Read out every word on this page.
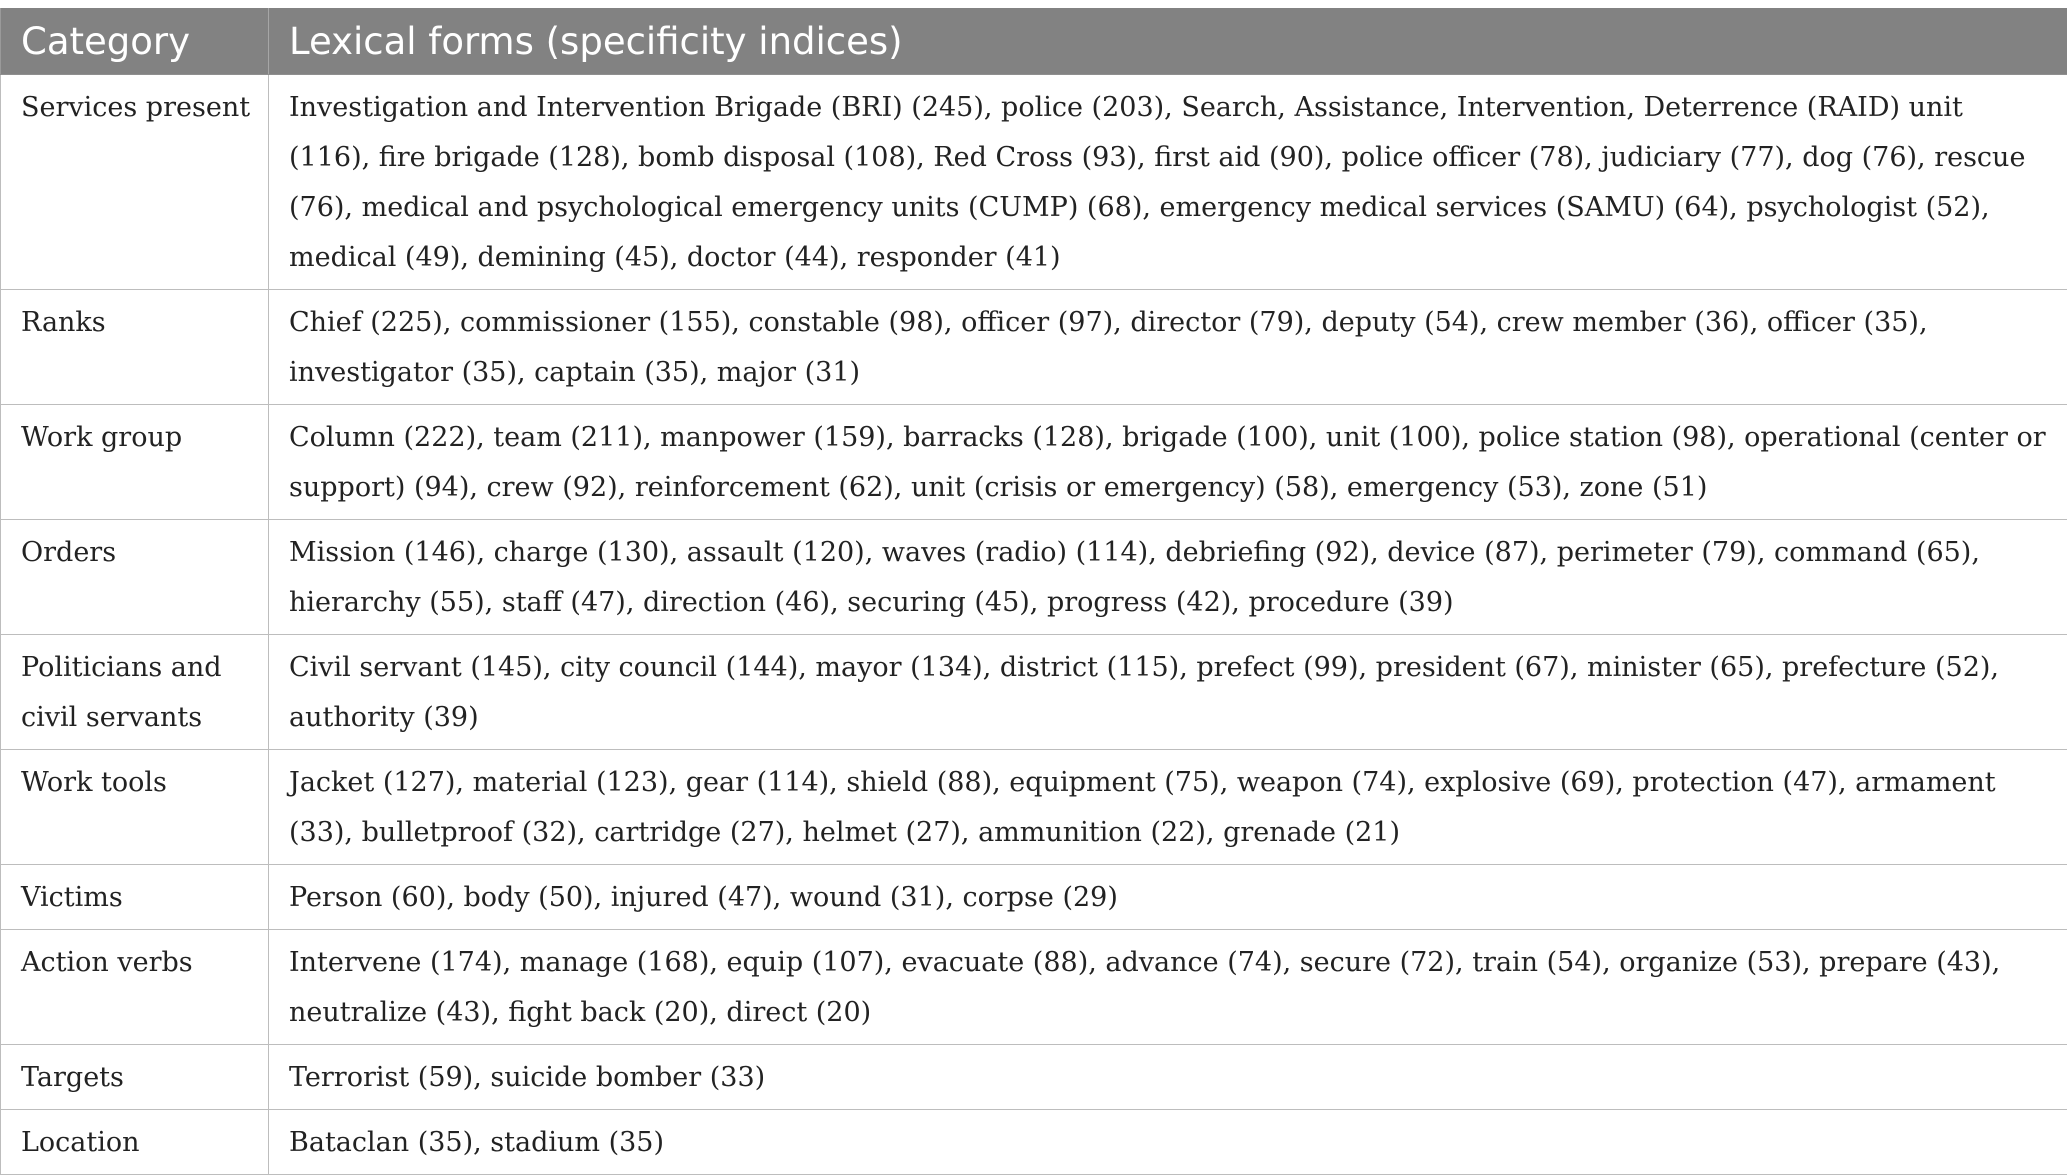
Category	Lexical forms (specificity indices)
Services present	Investigation and Intervention Brigade (BRI) (245), police (203), Search, Assistance, Intervention, Deterrence (RAID) unit (116), fire brigade (128), bomb disposal (108), Red Cross (93), first aid (90), police officer (78), judiciary (77), dog (76), rescue (76), medical and psychological emergency units (CUMP) (68), emergency medical services (SAMU) (64), psychologist (52), medical (49), demining (45), doctor (44), responder (41)
Ranks	Chief (225), commissioner (155), constable (98), officer (97), director (79), deputy (54), crew member (36), officer (35), investigator (35), captain (35), major (31)
Work group	Column (222), team (211), manpower (159), barracks (128), brigade (100), unit (100), police station (98), operational (center or support) (94), crew (92), reinforcement (62), unit (crisis or emergency) (58), emergency (53), zone (51)
Orders	Mission (146), charge (130), assault (120), waves (radio) (114), debriefing (92), device (87), perimeter (79), command (65), hierarchy (55), staff (47), direction (46), securing (45), progress (42), procedure (39)
Politicians and civil servants	Civil servant (145), city council (144), mayor (134), district (115), prefect (99), president (67), minister (65), prefecture (52), authority (39)
Work tools	Jacket (127), material (123), gear (114), shield (88), equipment (75), weapon (74), explosive (69), protection (47), armament (33), bulletproof (32), cartridge (27), helmet (27), ammunition (22), grenade (21)
Victims	Person (60), body (50), injured (47), wound (31), corpse (29)
Action verbs	Intervene (174), manage (168), equip (107), evacuate (88), advance (74), secure (72), train (54), organize (53), prepare (43), neutralize (43), fight back (20), direct (20)
Targets	Terrorist (59), suicide bomber (33)
Location	Bataclan (35), stadium (35)
